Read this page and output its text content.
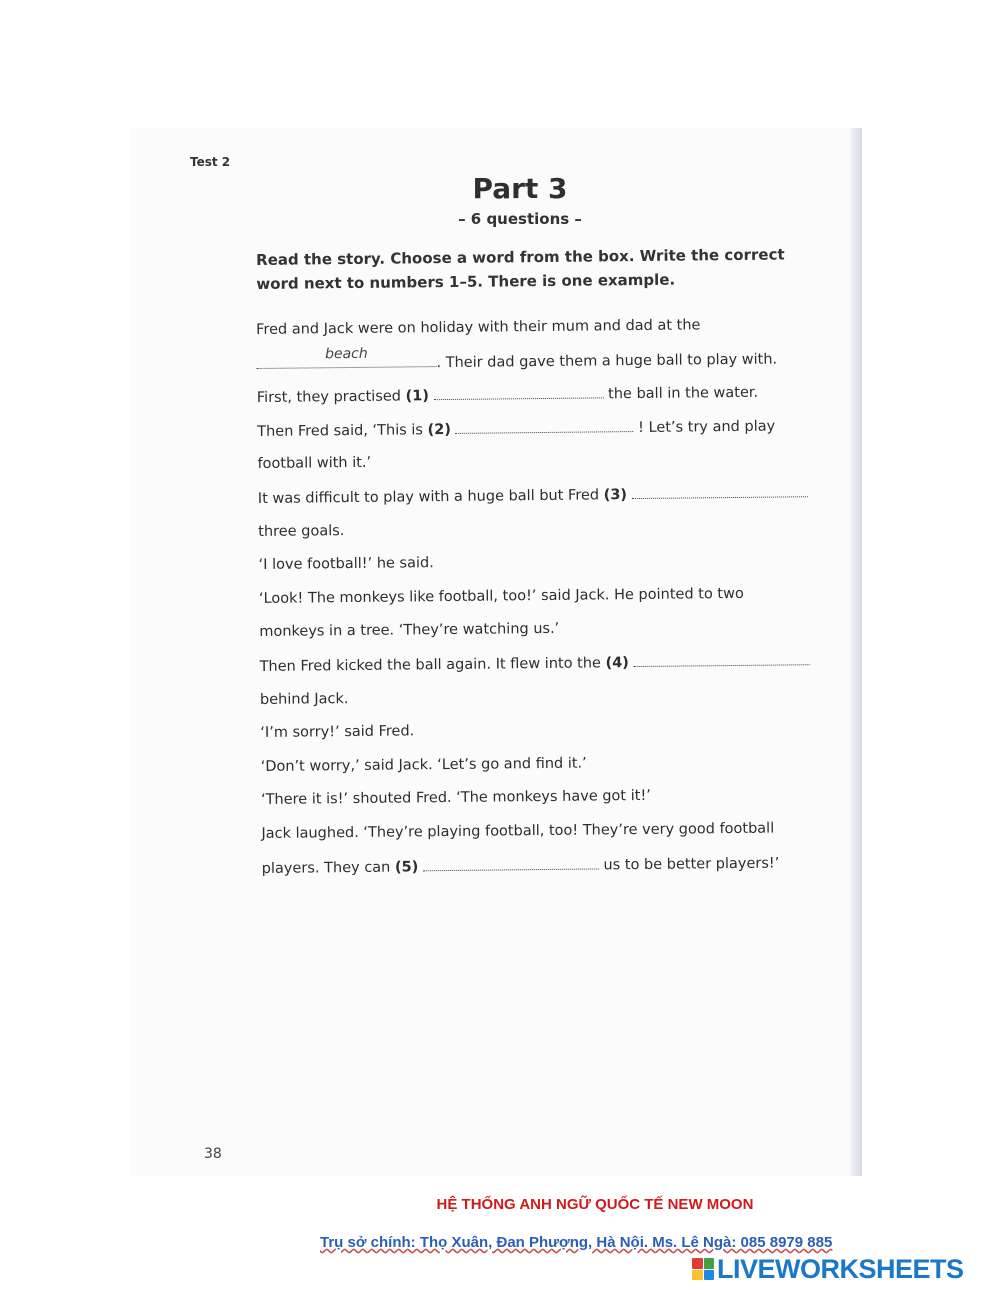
Test 2
Part 3
– 6 questions –
Read the story. Choose a word from the box. Write the correct
word next to numbers 1–5. There is one example.
Fred and Jack were on holiday with their mum and dad at the
beach	. Their dad gave them a huge ball to play with.
First, they practised (1)	the ball in the water.
Then Fred said, ‘This is (2)	! Let’s try and play
football with it.’
It was difficult to play with a huge ball but Fred (3)
three goals.
‘I love football!’ he said.
‘Look! The monkeys like football, too!’ said Jack. He pointed to two
monkeys in a tree. ‘They’re watching us.’
Then Fred kicked the ball again. It flew into the (4)
behind Jack.
‘I’m sorry!’ said Fred.
‘Don’t worry,’ said Jack. ‘Let’s go and find it.’
‘There it is!’ shouted Fred. ‘The monkeys have got it!’
Jack laughed. ‘They’re playing football, too! They’re very good football
players. They can (5)	us to be better players!’
38
HỆ THỐNG ANH NGỮ QUỐC TẾ NEW MOON
Trụ sở chính: Thọ Xuân, Đan Phượng, Hà Nội. Ms. Lê Ngà: 085 8979 885
LIVEWORKSHEETS
